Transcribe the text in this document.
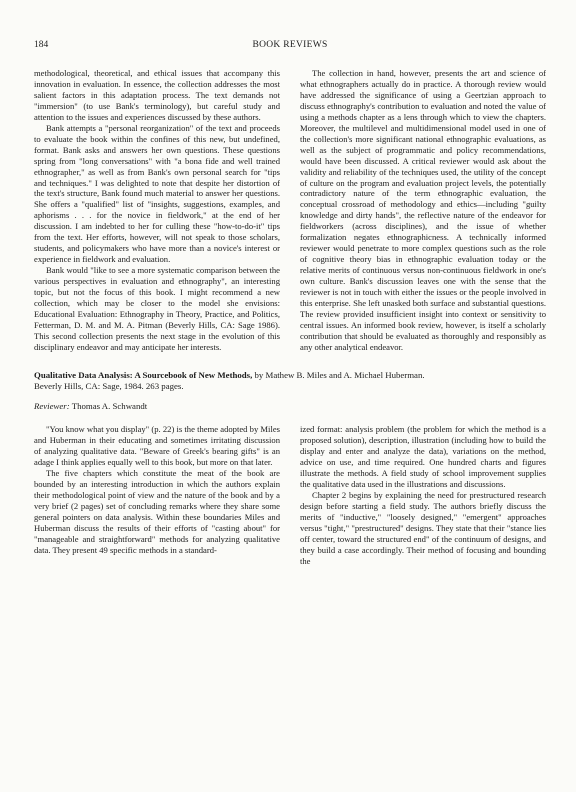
184	BOOK REVIEWS

methodological, theoretical, and ethical issues that accompany this innovation in evaluation. In essence, the collection addresses the most salient factors in this adaptation process. The text demands not "immersion" (to use Bank's terminology), but careful study and attention to the issues and experiences discussed by these authors.

Bank attempts a "personal reorganization" of the text and proceeds to evaluate the book within the confines of this new, but undefined, format. Bank asks and answers her own questions. These questions spring from "long conversations" with "a bona fide and well trained ethnographer," as well as from Bank's own personal search for "tips and techniques." I was delighted to note that despite her distortion of the text's structure, Bank found much material to answer her questions. She offers a "qualified" list of "insights, suggestions, examples, and aphorisms . . . for the novice in fieldwork," at the end of her discussion. I am indebted to her for culling these "how-to-do-it" tips from the text. Her efforts, however, will not speak to those scholars, students, and policymakers who have more than a novice's interest or experience in fieldwork and evaluation.

Bank would "like to see a more systematic comparison between the various perspectives in evaluation and ethnography", an interesting topic, but not the focus of this book. I might recommend a new collection, which may be closer to the model she envisions: Educational Evaluation: Ethnography in Theory, Practice, and Politics, Fetterman, D. M. and M. A. Pitman (Beverly Hills, CA: Sage 1986). This second collection presents the next stage in the evolution of this disciplinary endeavor and may anticipate her interests.

The collection in hand, however, presents the art and science of what ethnographers actually do in practice. A thorough review would have addressed the significance of using a Geertzian approach to discuss ethnography's contribution to evaluation and noted the value of using a methods chapter as a lens through which to view the chapters. Moreover, the multilevel and multidimensional model used in one of the collection's more significant national ethnographic evaluations, as well as the subject of programmatic and policy recommendations, would have been discussed. A critical reviewer would ask about the validity and reliability of the techniques used, the utility of the concept of culture on the program and evaluation project levels, the potentially contradictory nature of the term ethnographic evaluation, the conceptual crossroad of methodology and ethics—including "guilty knowledge and dirty hands", the reflective nature of the endeavor for fieldworkers (across disciplines), and the issue of whether formalization negates ethnographicness. A technically informed reviewer would penetrate to more complex questions such as the role of cognitive theory bias in ethnographic evaluation today or the relative merits of continuous versus non-continuous fieldwork in one's own culture. Bank's discussion leaves one with the sense that the reviewer is not in touch with either the issues or the people involved in this enterprise. She left unasked both surface and substantial questions. The review provided insufficient insight into context or sensitivity to central issues. An informed book review, however, is itself a scholarly contribution that should be evaluated as thoroughly and responsibly as any other analytical endeavor.

Qualitative Data Analysis: A Sourcebook of New Methods, by Mathew B. Miles and A. Michael Huberman.
Beverly Hills, CA: Sage, 1984. 263 pages.
Reviewer: Thomas A. Schwandt

"You know what you display" (p. 22) is the theme adopted by Miles and Huberman in their educating and sometimes irritating discussion of analyzing qualitative data. "Beware of Greek's bearing gifts" is an adage I think applies equally well to this book, but more on that later.

The five chapters which constitute the meat of the book are bounded by an interesting introduction in which the authors explain their methodological point of view and the nature of the book and by a very brief (2 pages) set of concluding remarks where they share some general pointers on data analysis. Within these boundaries Miles and Huberman discuss the results of their efforts of "casting about" for "manageable and straightforward" methods for analyzing qualitative data. They present 49 specific methods in a standard-

ized format: analysis problem (the problem for which the method is a proposed solution), description, illustration (including how to build the display and enter and analyze the data), variations on the method, advice on use, and time required. One hundred charts and figures illustrate the methods. A field study of school improvement supplies the qualitative data used in the illustrations and discussions.

Chapter 2 begins by explaining the need for prestructured research design before starting a field study. The authors briefly discuss the merits of "inductive," "loosely designed," "emergent" approaches versus "tight," "prestructured" designs. They state that their "stance lies off center, toward the structured end" of the continuum of designs, and they build a case accordingly. Their method of focusing and bounding the
